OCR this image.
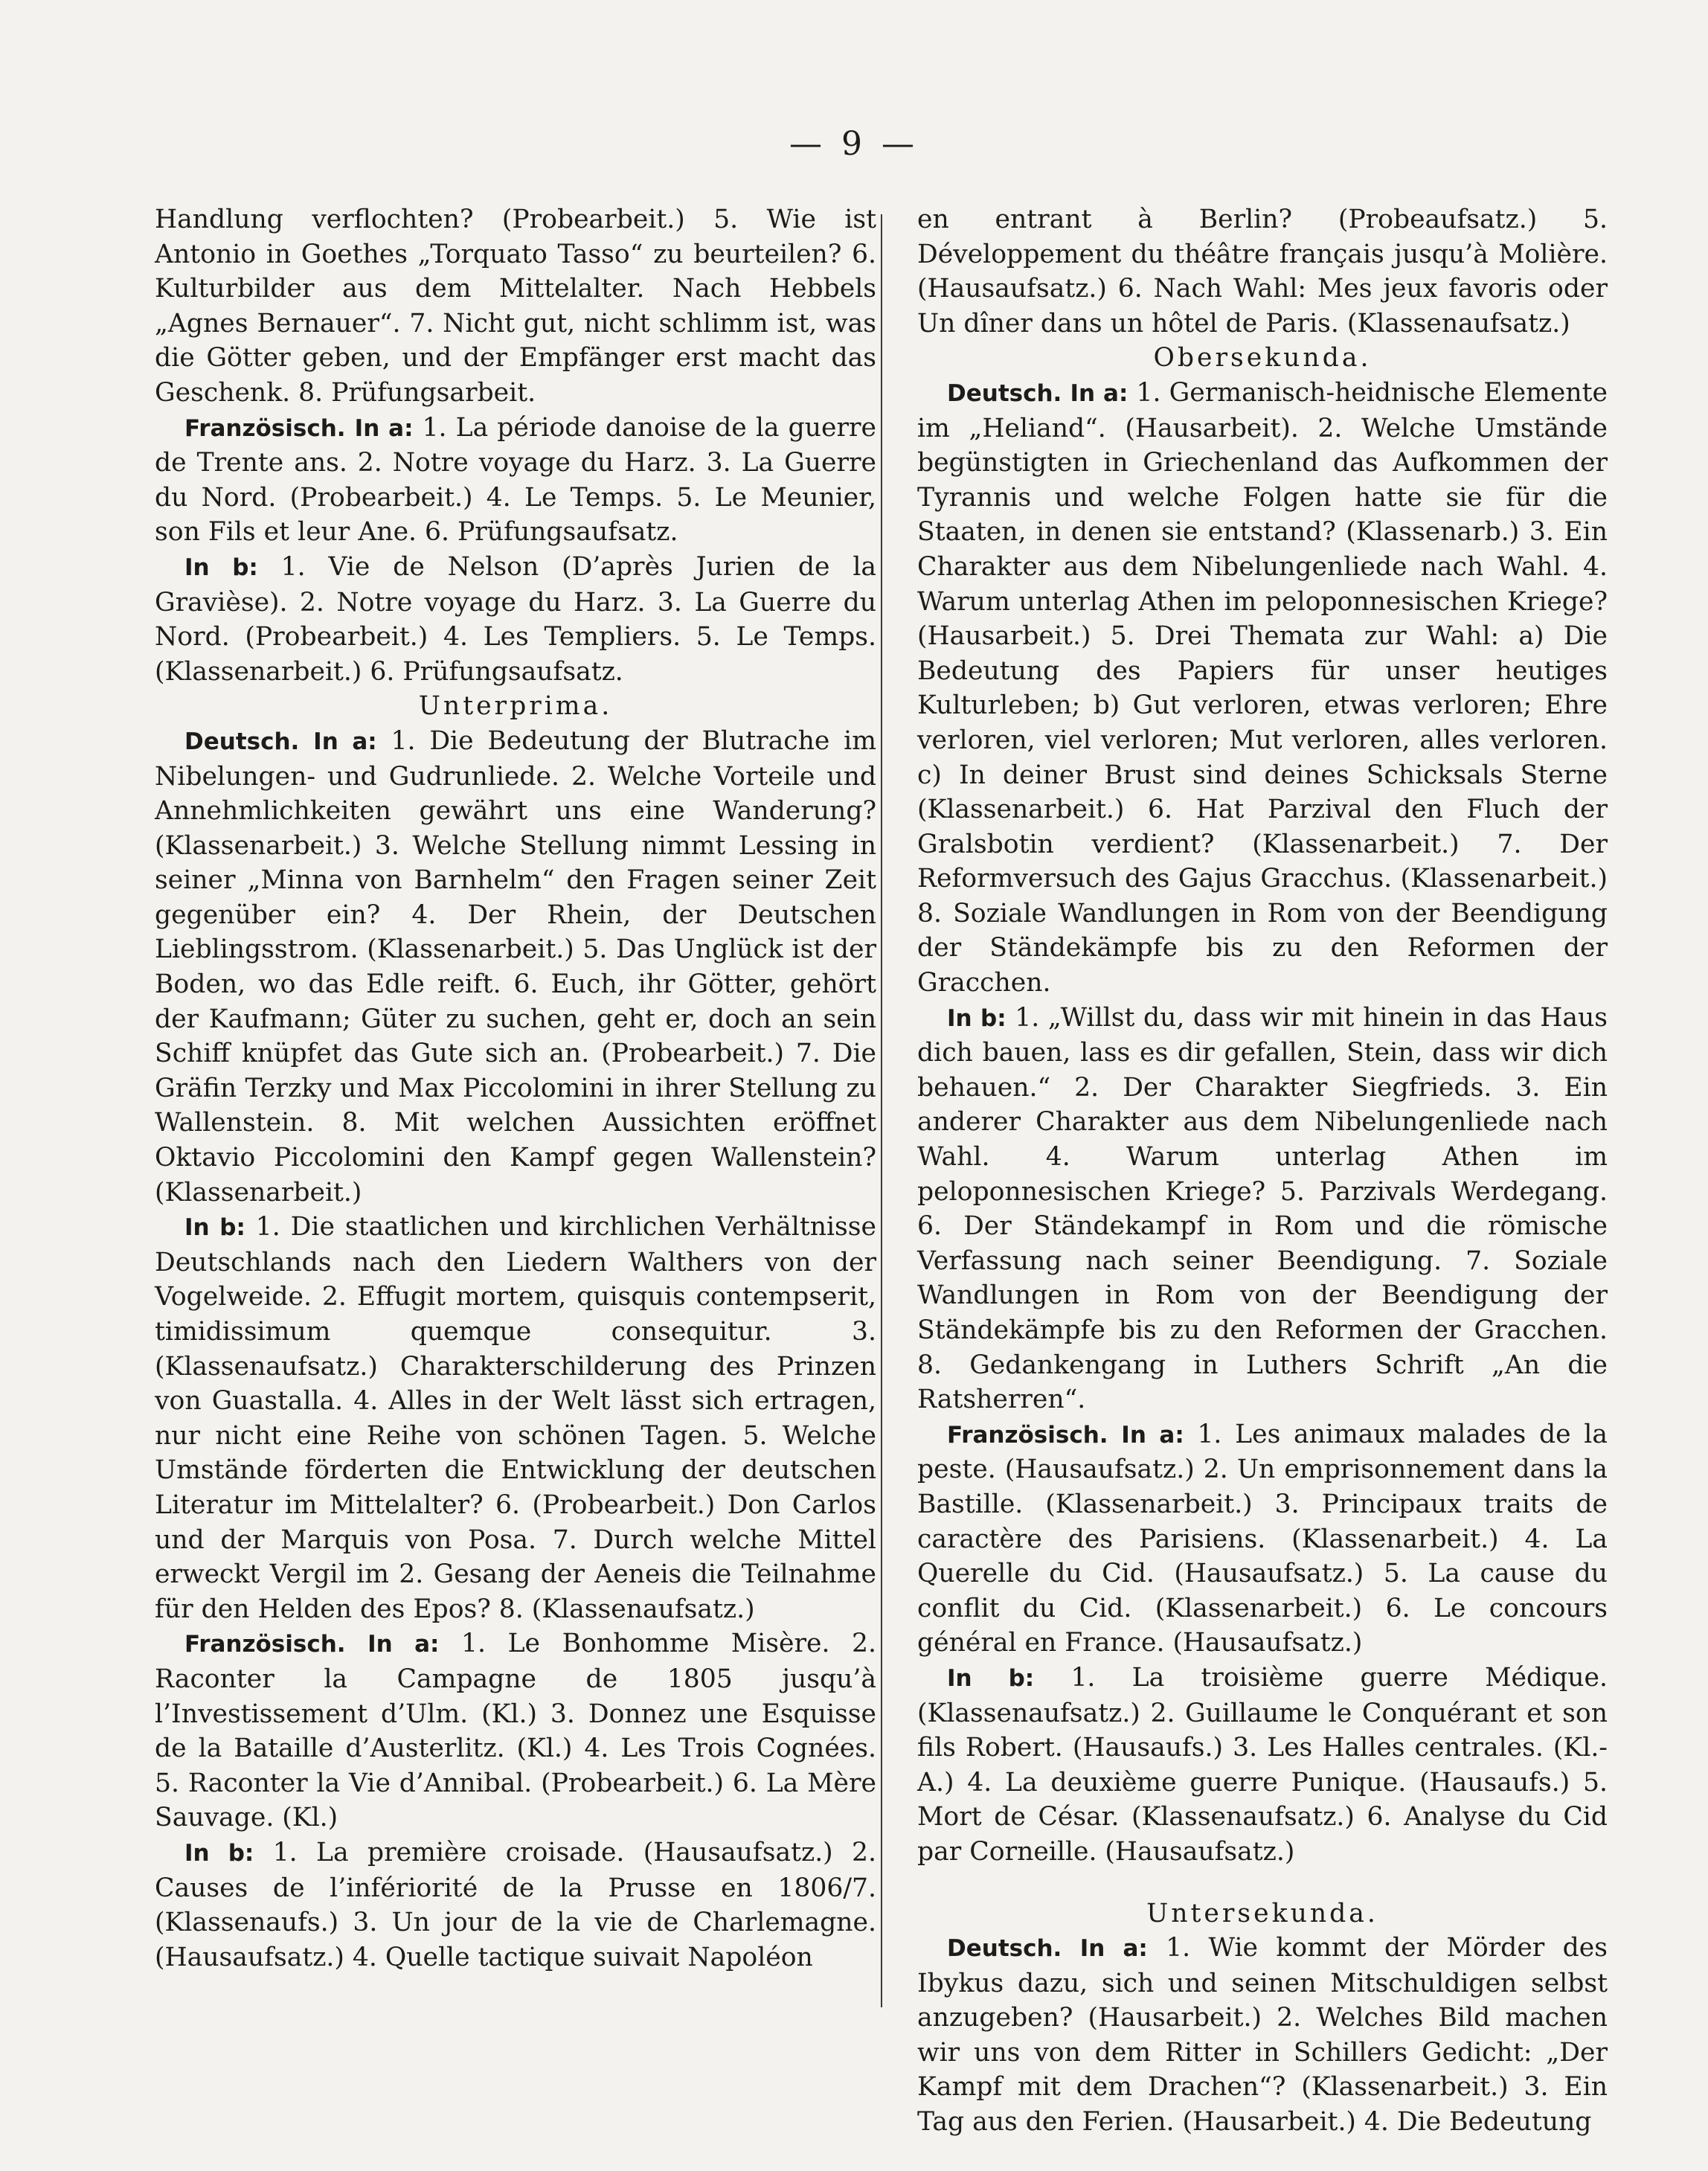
— 9 —

Handlung verflochten? (Probearbeit.) 5. Wie ist Antonio in Goethes „Torquato Tasso“ zu beurteilen? 6. Kulturbilder aus dem Mittelalter. Nach Hebbels „Agnes Bernauer“. 7. Nicht gut, nicht schlimm ist, was die Götter geben, und der Empfänger erst macht das Geschenk. 8. Prüfungsarbeit.

Französisch. In a: 1. La période danoise de la guerre de Trente ans. 2. Notre voyage du Harz. 3. La Guerre du Nord. (Probearbeit.) 4. Le Temps. 5. Le Meunier, son Fils et leur Ane. 6. Prüfungsaufsatz.

In b: 1. Vie de Nelson (D’après Jurien de la Gravièse). 2. Notre voyage du Harz. 3. La Guerre du Nord. (Probearbeit.) 4. Les Templiers. 5. Le Temps. (Klassenarbeit.) 6. Prüfungsaufsatz.

Unterprima.

Deutsch. In a: 1. Die Bedeutung der Blutrache im Nibelungen- und Gudrunliede. 2. Welche Vorteile und Annehmlichkeiten gewährt uns eine Wanderung? (Klassenarbeit.) 3. Welche Stellung nimmt Lessing in seiner „Minna von Barnhelm“ den Fragen seiner Zeit gegenüber ein? 4. Der Rhein, der Deutschen Lieblingsstrom. (Klassenarbeit.) 5. Das Unglück ist der Boden, wo das Edle reift. 6. Euch, ihr Götter, gehört der Kaufmann; Güter zu suchen, geht er, doch an sein Schiff knüpfet das Gute sich an. (Probearbeit.) 7. Die Gräfin Terzky und Max Piccolomini in ihrer Stellung zu Wallenstein. 8. Mit welchen Aussichten eröffnet Oktavio Piccolomini den Kampf gegen Wallenstein? (Klassenarbeit.)

In b: 1. Die staatlichen und kirchlichen Verhältnisse Deutschlands nach den Liedern Walthers von der Vogelweide. 2. Effugit mortem, quisquis contempserit, timidissimum quemque consequitur. 3. (Klassenaufsatz.) Charakterschilderung des Prinzen von Guastalla. 4. Alles in der Welt lässt sich ertragen, nur nicht eine Reihe von schönen Tagen. 5. Welche Umstände förderten die Entwicklung der deutschen Literatur im Mittelalter? 6. (Probearbeit.) Don Carlos und der Marquis von Posa. 7. Durch welche Mittel erweckt Vergil im 2. Gesang der Aeneis die Teilnahme für den Helden des Epos? 8. (Klassenaufsatz.)

Französisch. In a: 1. Le Bonhomme Misère. 2. Raconter la Campagne de 1805 jusqu’à l’Investissement d’Ulm. (Kl.) 3. Donnez une Esquisse de la Bataille d’Austerlitz. (Kl.) 4. Les Trois Cognées. 5. Raconter la Vie d’Annibal. (Probearbeit.) 6. La Mère Sauvage. (Kl.)

In b: 1. La première croisade. (Hausaufsatz.) 2. Causes de l’infériorité de la Prusse en 1806/7. (Klassenaufs.) 3. Un jour de la vie de Charlemagne. (Hausaufsatz.) 4. Quelle tactique suivait Napoléon

en entrant à Berlin? (Probeaufsatz.) 5. Développement du théâtre français jusqu’à Molière. (Hausaufsatz.) 6. Nach Wahl: Mes jeux favoris oder Un dîner dans un hôtel de Paris. (Klassenaufsatz.)

Obersekunda.

Deutsch. In a: 1. Germanisch-heidnische Elemente im „Heliand“. (Hausarbeit). 2. Welche Umstände begünstigten in Griechenland das Aufkommen der Tyrannis und welche Folgen hatte sie für die Staaten, in denen sie entstand? (Klassenarb.) 3. Ein Charakter aus dem Nibelungenliede nach Wahl. 4. Warum unterlag Athen im peloponnesischen Kriege? (Hausarbeit.) 5. Drei Themata zur Wahl: a) Die Bedeutung des Papiers für unser heutiges Kulturleben; b) Gut verloren, etwas verloren; Ehre verloren, viel verloren; Mut verloren, alles verloren. c) In deiner Brust sind deines Schicksals Sterne (Klassenarbeit.) 6. Hat Parzival den Fluch der Gralsbotin verdient? (Klassenarbeit.) 7. Der Reformversuch des Gajus Gracchus. (Klassenarbeit.) 8. Soziale Wandlungen in Rom von der Beendigung der Ständekämpfe bis zu den Reformen der Gracchen.

In b: 1. „Willst du, dass wir mit hinein in das Haus dich bauen, lass es dir gefallen, Stein, dass wir dich behauen.“ 2. Der Charakter Siegfrieds. 3. Ein anderer Charakter aus dem Nibelungenliede nach Wahl. 4. Warum unterlag Athen im peloponnesischen Kriege? 5. Parzivals Werdegang. 6. Der Ständekampf in Rom und die römische Verfassung nach seiner Beendigung. 7. Soziale Wandlungen in Rom von der Beendigung der Ständekämpfe bis zu den Reformen der Gracchen. 8. Gedankengang in Luthers Schrift „An die Ratsherren“.

Französisch. In a: 1. Les animaux malades de la peste. (Hausaufsatz.) 2. Un emprisonnement dans la Bastille. (Klassenarbeit.) 3. Principaux traits de caractère des Parisiens. (Klassenarbeit.) 4. La Querelle du Cid. (Hausaufsatz.) 5. La cause du conflit du Cid. (Klassenarbeit.) 6. Le concours général en France. (Hausaufsatz.)

In b: 1. La troisième guerre Médique. (Klassenaufsatz.) 2. Guillaume le Conquérant et son fils Robert. (Hausaufs.) 3. Les Halles centrales. (Kl.-A.) 4. La deuxième guerre Punique. (Hausaufs.) 5. Mort de César. (Klassenaufsatz.) 6. Analyse du Cid par Corneille. (Hausaufsatz.)

Untersekunda.

Deutsch. In a: 1. Wie kommt der Mörder des Ibykus dazu, sich und seinen Mitschuldigen selbst anzugeben? (Hausarbeit.) 2. Welches Bild machen wir uns von dem Ritter in Schillers Gedicht: „Der Kampf mit dem Drachen“? (Klassenarbeit.) 3. Ein Tag aus den Ferien. (Hausarbeit.) 4. Die Bedeutung
